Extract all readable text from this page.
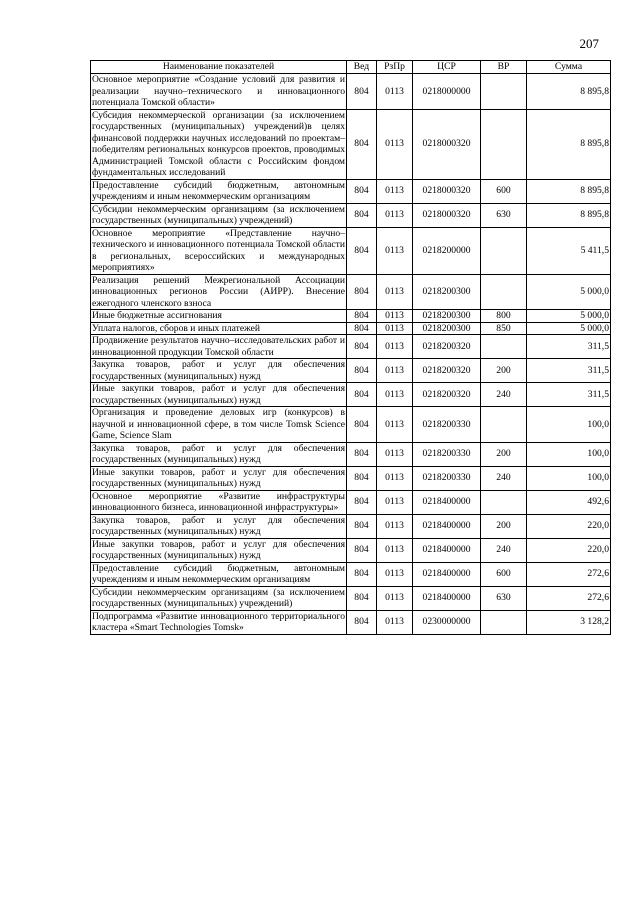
207
Наименование показателей	Вед	РзПр	ЦСР	ВР	Сумма
Основное мероприятие «Создание условий для развития и реализации научно–технического и инновационного потенциала Томской области»	804	0113	0218000000		8 895,8
Субсидия некоммерческой организации (за исключением государственных (муниципальных) учреждений)в целях финансовой поддержки научных исследований по проектам–победителям региональных конкурсов проектов, проводимых Администрацией Томской области с Российским фондом фундаментальных исследований	804	0113	0218000320		8 895,8
Предоставление субсидий бюджетным, автономным учреждениям и иным некоммерческим организациям	804	0113	0218000320	600	8 895,8
Субсидии некоммерческим организациям (за исключением государственных (муниципальных) учреждений)	804	0113	0218000320	630	8 895,8
Основное мероприятие «Представление научно–технического и инновационного потенциала Томской области в региональных, всероссийских и международных мероприятиях»	804	0113	0218200000		5 411,5
Реализация решений Межрегиональной Ассоциации инновационных регионов России (АИРР). Внесение ежегодного членского взноса	804	0113	0218200300		5 000,0
Иные бюджетные ассигнования	804	0113	0218200300	800	5 000,0
Уплата налогов, сборов и иных платежей	804	0113	0218200300	850	5 000,0
Продвижение результатов научно–исследовательских работ и инновационной продукции Томской области	804	0113	0218200320		311,5
Закупка товаров, работ и услуг для обеспечения государственных (муниципальных) нужд	804	0113	0218200320	200	311,5
Иные закупки товаров, работ и услуг для обеспечения государственных (муниципальных) нужд	804	0113	0218200320	240	311,5
Организация и проведение деловых игр (конкурсов) в научной и инновационной сфере, в том числе Tomsk Science Game, Science Slam	804	0113	0218200330		100,0
Закупка товаров, работ и услуг для обеспечения государственных (муниципальных) нужд	804	0113	0218200330	200	100,0
Иные закупки товаров, работ и услуг для обеспечения государственных (муниципальных) нужд	804	0113	0218200330	240	100,0
Основное мероприятие «Развитие инфраструктуры инновационного бизнеса, инновационной инфраструктуры»	804	0113	0218400000		492,6
Закупка товаров, работ и услуг для обеспечения государственных (муниципальных) нужд	804	0113	0218400000	200	220,0
Иные закупки товаров, работ и услуг для обеспечения государственных (муниципальных) нужд	804	0113	0218400000	240	220,0
Предоставление субсидий бюджетным, автономным учреждениям и иным некоммерческим организациям	804	0113	0218400000	600	272,6
Субсидии некоммерческим организациям (за исключением государственных (муниципальных) учреждений)	804	0113	0218400000	630	272,6
Подпрограмма «Развитие инновационного территориального кластера «Smart Technologies Tomsk»	804	0113	0230000000		3 128,2
